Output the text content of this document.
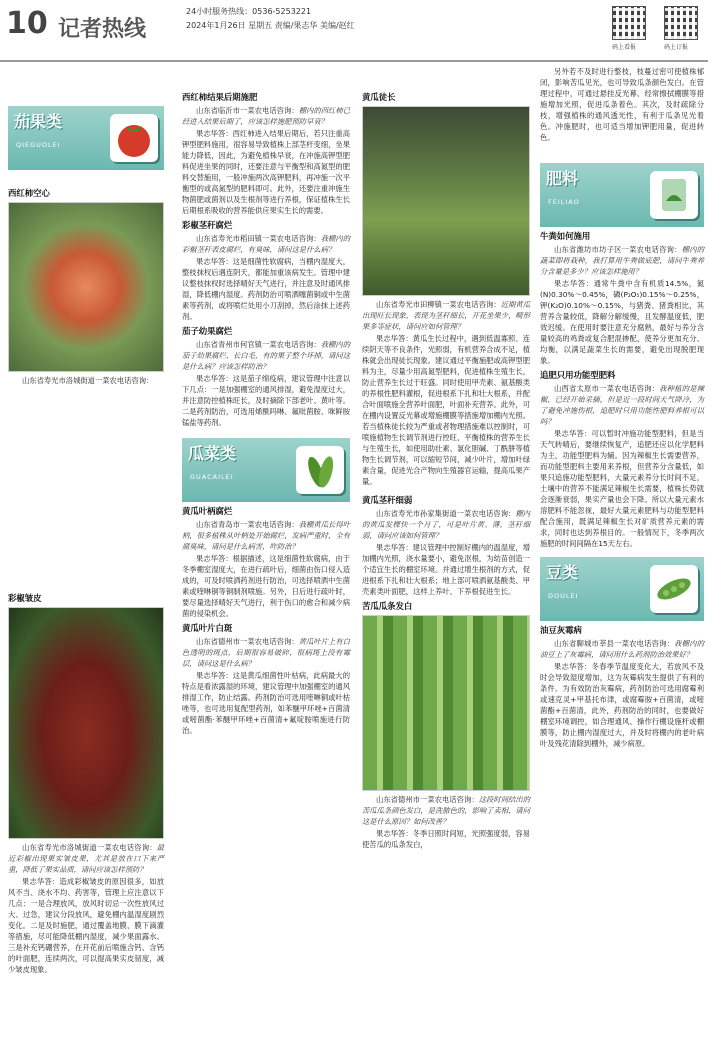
10 记者热线
24小时服务热线：0536-5253221
2024年1月26日 星期五 责编/果志华 美编/赵红
码上看报	码上订报
茄果类
QIEGUOLEI
西红柿空心

山东省寿光市洛城街道一菜农电话咨询：

彩椒皱皮

山东省寿光市洛城街道一菜农电话咨询：最近彩椒出现果实皱皮果，尤其是放在口下来严重，降低了果实品质，请问应该怎样预防？

果志华答：造成彩椒皱皮的原因很多，如放风不当、浇水不均、药害等，管理上应注意以下几点：一是合理放风，放风时切忌一次性放风过大、过急，建议分段放风，避免棚内温湿度剧烈变化。二是及时施肥，通过覆盖地膜、膜下滴灌等措施，尽可能降低棚内湿度，减少果面露水。三是补充钙硼营养，在开花前后喷施含钙、含钙的叶面肥，连续两次，可以提高果实皮韧度，减少皱皮现象。

西红柿结果后期施肥

山东省临沂市一菜农电话咨询：棚内的西红柿已经进入结果后期了，应该怎样施肥预防早衰？

果志华答：西红柿进入结果后期后，若只注重高钾型肥料施用，很容易导致植株上部茎杆变细，坐果能力降低，因此，为避免植株早衰，在冲施高钾型肥料促进坐果的同时，还要注意与平衡型和高氮型的肥料交替施用，一般冲施两次高钾肥料，再冲施一次平衡型的或高氮型的肥料即可。此外，还要注重冲施生物菌肥或菌剂以及生根剂等进行养根，保证植株生长后期根系吸收的营养能供应果实生长的需要。

彩椒茎秆腐烂

山东省寿光市稻田镇一菜农电话咨询：我棚内的彩椒茎秆表皮腐烂，有臭味，请问这是什么病？

果志华答：这是细菌性软腐病，当棚内湿度大，整枝抹杈后遇连阴天，都能加重该病发生。管理中建议整枝抹杈时选择晴好天气进行，并注意及时通风排湿，降低棚内湿度。药剂防治可喷洒噻菌铜或中生菌素等药剂，或将喷烂处用小刀刮掉，然后涂抹上述药剂。

茄子幼果腐烂

山东省青州市何官镇一菜农电话咨询：我棚内的茄子幼果腐烂、长白毛，有的果子整个坏掉，请问这是什么病？应该怎样防治？

果志华答：这是茄子绵疫病，建议管理中注意以下几点：一是加强棚室的通风排湿，避免湿度过大，并注意防控植株旺长，及时摘除下部老叶、黄叶等。二是药剂防治，可选用烯酰吗啉、氟吡菌胺、咪鲜胺锰盐等药剂。

瓜菜类
GUACAILEI
黄瓜叶柄腐烂

山东省青岛市一菜农电话咨询：我棚黄瓜长得叶柄，很多植株从叶柄处开始腐烂，发病严重时，全有腐臭味，请问是什么病害，咋防治？

果志华答：根据描述，这是细菌性软腐病，由于冬季棚室湿度大，在进行疏叶后，细菌由伤口侵入造成的，可及时喷洒药剂进行防治，可选择喷洒中生菌素或喹啉铜等铜制剂喷施。另外，日后进行疏叶时，要尽量选择晴好天气进行，利于伤口的愈合和减少病菌的侵染机会。

黄瓜叶片白斑

山东省德州市一菜农电话咨询：黄瓜叶片上有白色透明的斑点，后期很容易破碎，很病斑上没有霉层，请问这是什么病？

果志华答：这是黄瓜细菌性叶枯病，此病最大的特点是看浓露湿的环境，建议管理中加强棚室的通风排湿工作，防止结露。药剂防治可选用喹啉铜或叶枯唑等，也可选用复配型药剂，如苯醚甲环唑+百菌清或嘧菌酯·苯醚甲环唑+百菌清+氟啶胺喷施进行防治。

黄瓜徒长

山东省寿光市田柳镇一菜农电话咨询：近期黄瓜出现旺长现象，表现为茎秆细长，开花坐果少，畸形果多等症状，请问应如何管理？

果志华答：黄瓜生长过程中，遇到低温寡照、连续阴天等不良条件，光照弱，有机营养合成不足，植株就会出现徒长现象。建议通过平衡施肥或高钾型肥料为主，尽量少用高氮型肥料，促进植株生殖生长，防止营养生长过于旺盛。同时使用甲壳素、氨基酸类的养根性肥料灌根，促进根系下扎和壮大根系，并配合叶面喷施全营养叶面肥，叶面补充营养。此外，可在棚内设置反光幕或增施棚膜等措施增加棚内光照。若当植株徒长较为严重或者物理措施难以控制时，可喷施植物生长调节剂进行控旺，平衡植株的营养生长与生殖生长，如使用助壮素、氯化胆碱、丁酰肼等植物生长调节剂，可以缩短节间，减少叶片，增加叶绿素含量，促进光合产物向生殖器官运输，提高瓜果产量。

黄瓜茎秆细弱

山东省寿光市孙家集街道一菜农电话咨询：棚内的黄瓜发棵快一个月了，可是叶片黄、薄，茎秆细弱，请问应该如何管理？

果志华答：建议管理中控制好棚内的温湿度，增加棚内光照，浇水量要小，避免沤根，为幼苗创造一个适宜生长的棚室环境。并通过增生根剂的方式，促进根系下扎和壮大根系；地上部可喷洒氨基酸类、甲壳素类叶面肥，这样上养叶、下养根促进生长。

苦瓜瓜条发白

山东省德州市一菜农电话咨询：这段时间结出的苦瓜瓜条颜色发白，是洗脓色的，影响了卖相，请问这是什么原因？如何改善？

果志华答：冬季日照时间短，光照强度弱，容易使苦瓜的瓜条发白，

另外若不及时进行整枝，枝蔓过密可使植株郁闭，影响苦瓜见光，也可导致瓜条颜色发白。在管理过程中，可通过悬挂反光幕、经常擦拭棚膜等措施增加光照，促进瓜条着色。其次，及时疏除分枝，增强植株的通风透光性，有利于瓜条见光着色。冲施肥时，也可适当增加钾肥用量，促进转色。

肥料
FEILIAO
牛粪如何施用

山东省潍坊市坊子区一菜农电话咨询：棚内的蔬菜即将栽种，我打算用牛粪做底肥，请问牛粪养分含量是多少？应该怎样施用？

果志华答：通常牛粪中含有机质14.5%，氮(N)0.30%～0.45%，磷(P₂O₅)0.15%～0.25%，钾(K₂O)0.10%～0.15%，与猪粪、猪粪相比，其营养含量较低，降解分解缓慢，且发酵温度低，肥效迟缓。在使用时要注意充分腐熟，最好与养分含量较高的鸡粪或复合肥混掺配，使养分更加充分、均衡，以满足蔬菜生长的需要，避免出现脱肥现象。

追肥只用功能型肥料

山西省太原市一菜农电话咨询：我种植的是辣椒，已经开始采摘，但是近一段时间天气降冷，为了避免冲施伤根，追肥时只用功能性肥料养根可以吗？

果志华答：可以暂时冲施功能型肥料，但是当天气转晴后，要继续恢复产，追肥还应以化学肥料为主，功能型肥料为辅。因为辣椒生长需要营养，而功能型肥料主要用来养根，但营养分含量低，如果只追施功能型肥料，大量元素养分长时间不足，土壤中的营养不能满足辣椒生长需要，植株长势就会逐渐衰弱，果实产量也会下降。所以大量元素水溶肥料不能忽视，最好大量元素肥料与功能型肥料配合施用，既满足辣椒生长对矿质营养元素的需求，同时也达到养根目的。一般情况下，冬季两次施肥的时间间隔在15天左右。

豆类
DOULEI
油豆灰霉病

山东省聊城市莘县一菜农电话咨询：我棚内的油豆上了灰霉病，请问用什么药剂防治效果好？

果志华答：冬春季节温度变化大，若放风不及时会导致湿度增加，这为灰霉病发生提供了有利的条件。为有效防治灰霉病，药剂防治可选用腐霉利或速克灵+甲基托布津，或腐霉胺+百菌清，或嘧菌酯+百菌清，此外，药剂防治的同时，也要做好棚室环境调控，如合理通风、操作行棚设施杆或棚膜等，防止棚内湿度过大，并及时将棚内的老叶病叶及残花清除到棚外，减少病原。
